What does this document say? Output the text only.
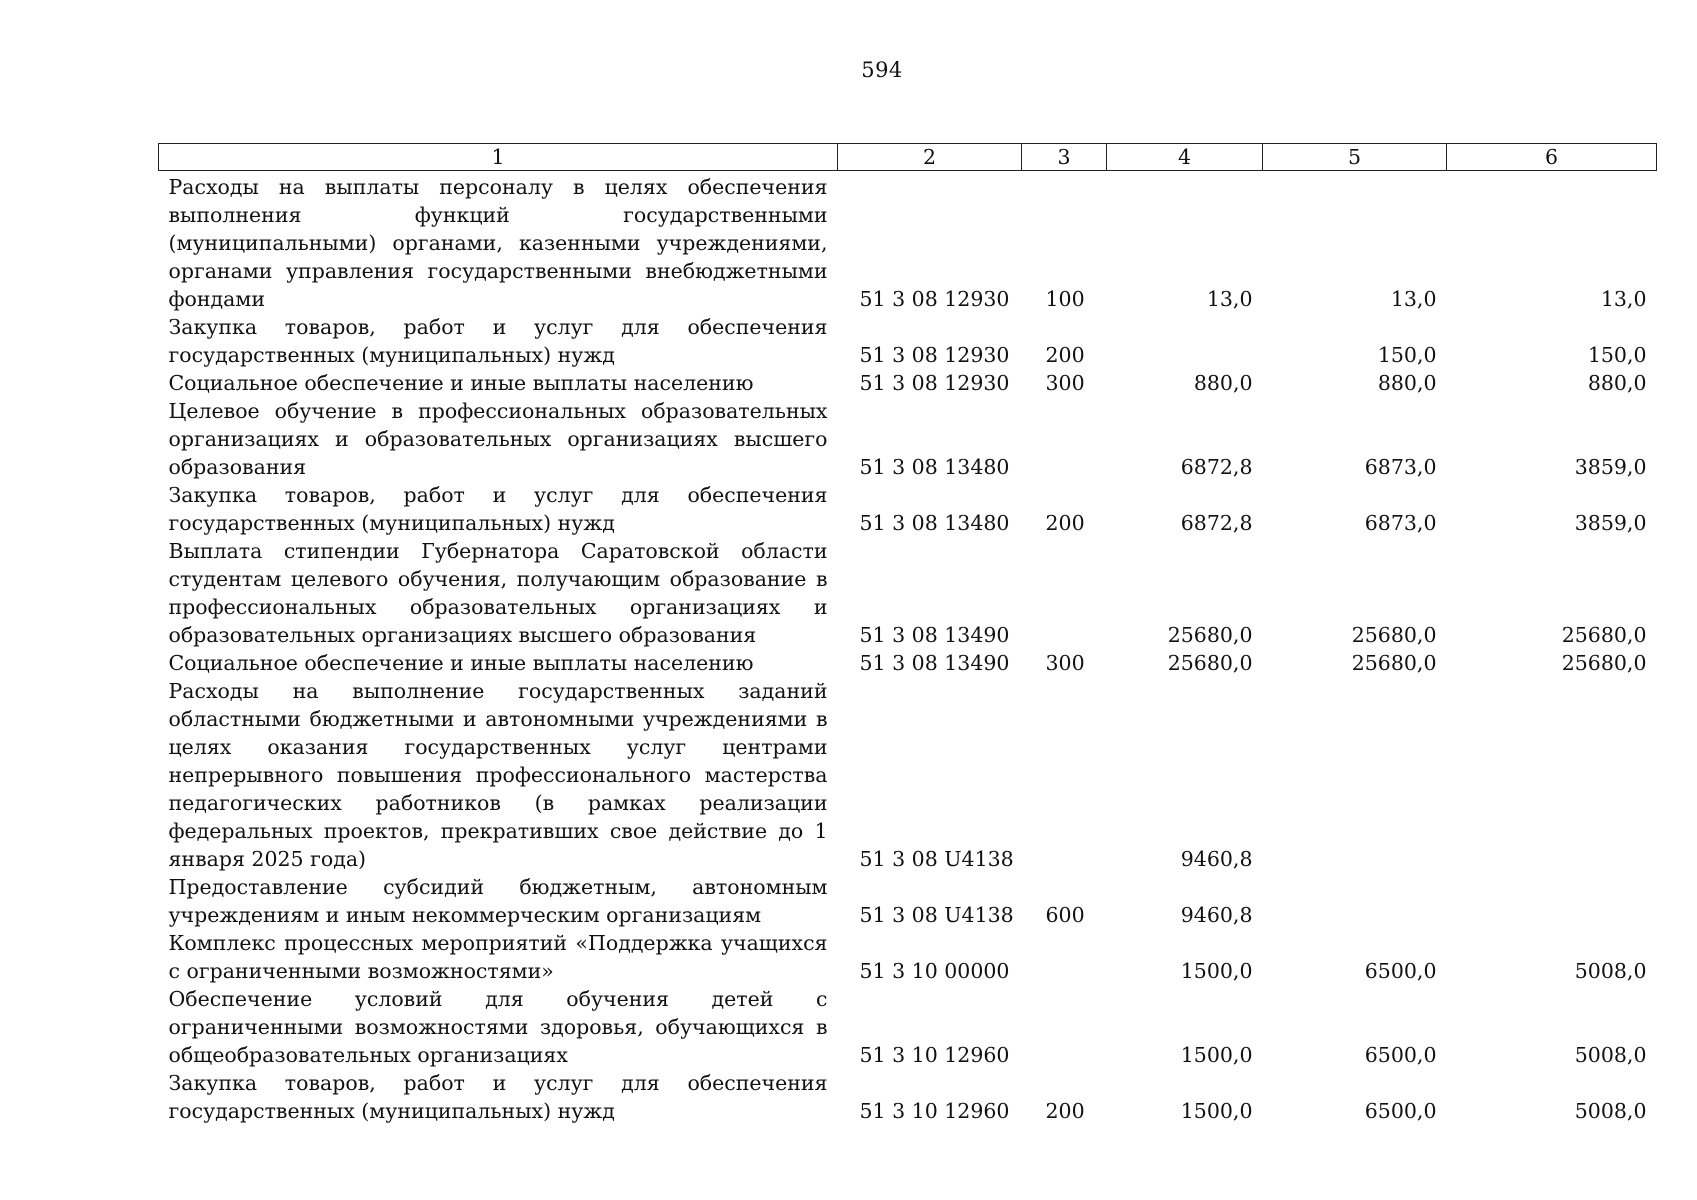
594
1	2	3	4	5	6
Расходы на выплаты персоналу в целях обеспечения выполнения функций государственными (муниципальными) органами, казенными учреждениями, органами управления государственными внебюджетными фондами	51 3 08 12930	100	13,0	13,0	13,0
Закупка товаров, работ и услуг для обеспечения государственных (муниципальных) нужд	51 3 08 12930	200		150,0	150,0
Социальное обеспечение и иные выплаты населению	51 3 08 12930	300	880,0	880,0	880,0
Целевое обучение в профессиональных образовательных организациях и образовательных организациях высшего образования	51 3 08 13480		6872,8	6873,0	3859,0
Закупка товаров, работ и услуг для обеспечения государственных (муниципальных) нужд	51 3 08 13480	200	6872,8	6873,0	3859,0
Выплата стипендии Губернатора Саратовской области студентам целевого обучения, получающим образование в профессиональных образовательных организациях и образовательных организациях высшего образования	51 3 08 13490		25680,0	25680,0	25680,0
Социальное обеспечение и иные выплаты населению	51 3 08 13490	300	25680,0	25680,0	25680,0
Расходы на выполнение государственных заданий областными бюджетными и автономными учреждениями в целях оказания государственных услуг центрами непрерывного повышения профессионального мастерства педагогических работников (в рамках реализации федеральных проектов, прекративших свое действие до 1 января 2025 года)	51 3 08 U4138		9460,8		
Предоставление субсидий бюджетным, автономным учреждениям и иным некоммерческим организациям	51 3 08 U4138	600	9460,8		
Комплекс процессных мероприятий «Поддержка учащихся с ограниченными возможностями»	51 3 10 00000		1500,0	6500,0	5008,0
Обеспечение условий для обучения детей с ограниченными возможностями здоровья, обучающихся в общеобразовательных организациях	51 3 10 12960		1500,0	6500,0	5008,0
Закупка товаров, работ и услуг для обеспечения государственных (муниципальных) нужд	51 3 10 12960	200	1500,0	6500,0	5008,0
